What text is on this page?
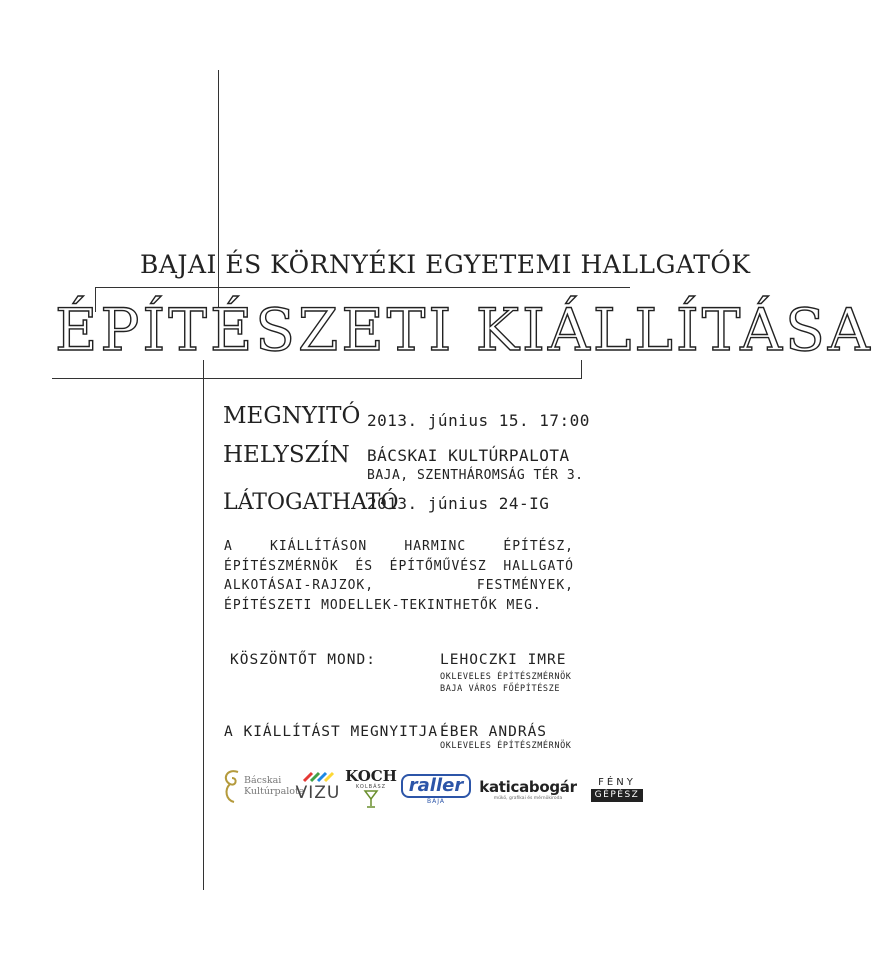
BAJAI ÉS KÖRNYÉKI EGYETEMI HALLGATÓK
ÉPÍTÉSZETI KIÁLLÍTÁSA
MEGNYITÓ 2013. június 15. 17:00
HELYSZÍN BÁCSKAI KULTÚRPALOTA
BAJA, SZENTHÁROMSÁG TÉR 3.
LÁTOGATHATÓ
2013. június 24-IG
A KIÁLLÍTÁSON HARMINC ÉPÍTÉSZ, ÉPÍTÉSZMÉRNÖK ÉS ÉPÍTŐMŰVÉSZ HALLGATÓ ALKOTÁSAI-RAJZOK, FESTMÉNYEK, ÉPÍTÉSZETI MODELLEK-TEKINTHETŐK MEG.
KÖSZÖNTŐT MOND:	LEHOCZKI IMRE
OKLEVELES ÉPÍTÉSZMÉRNÖK
BAJA VÁROS FŐÉPÍTÉSZE
A KIÁLLÍTÁST MEGNYITJA:
ÉBER ANDRÁS
OKLEVELES ÉPÍTÉSZMÉRNÖK
Bácskai
Kultúrpalota
VIZU
KOCH
KOLBÁSZ	raller
BAJA
katicabogár
műkö, grafikai és mérnökiroda
FÉNY
GÉPÉSZ
